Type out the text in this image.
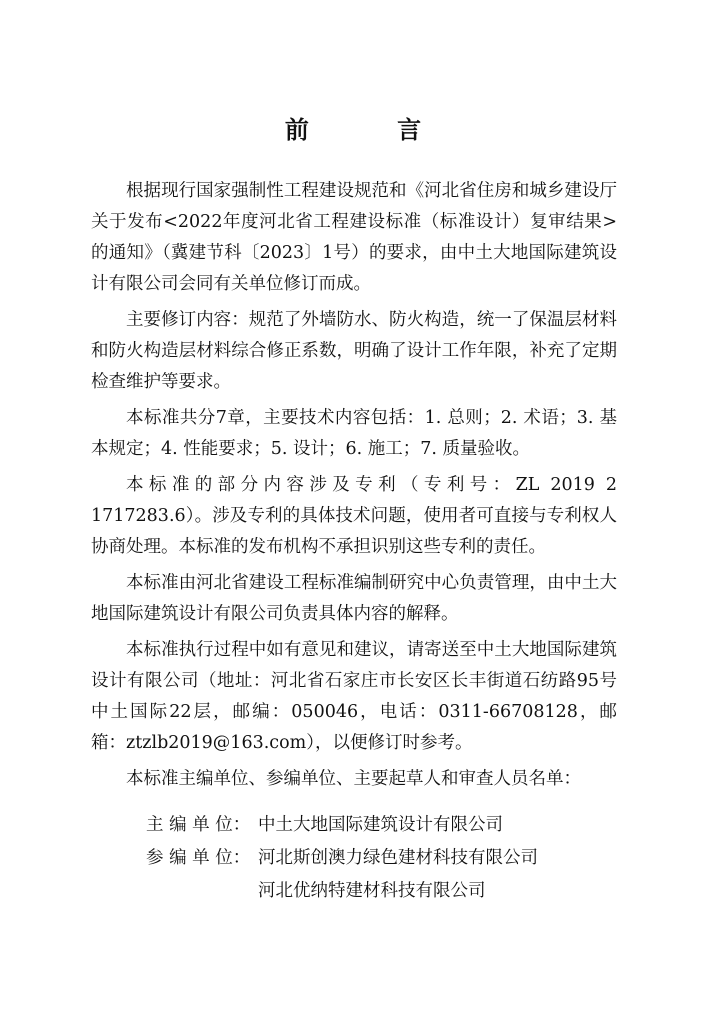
前 言

根据现行国家强制性工程建设规范和《河北省住房和城乡建设厅关于发布<2022年度河北省工程建设标准（标准设计）复审结果>的通知》（冀建节科〔2023〕1号）的要求，由中土大地国际建筑设计有限公司会同有关单位修订而成。

主要修订内容：规范了外墙防水、防火构造，统一了保温层材料和防火构造层材料综合修正系数，明确了设计工作年限，补充了定期检查维护等要求。

本标准共分7章，主要技术内容包括：1. 总则；2. 术语；3. 基本规定；4. 性能要求；5. 设计；6. 施工；7. 质量验收。

本标准的部分内容涉及专利（专利号：ZL 2019 2 1717283.6）。涉及专利的具体技术问题，使用者可直接与专利权人协商处理。本标准的发布机构不承担识别这些专利的责任。

本标准由河北省建设工程标准编制研究中心负责管理，由中土大地国际建筑设计有限公司负责具体内容的解释。

本标准执行过程中如有意见和建议，请寄送至中土大地国际建筑设计有限公司（地址：河北省石家庄市长安区长丰街道石纺路95号中土国际22层，邮编：050046，电话：0311-66708128，邮箱：ztzlb2019@163.com），以便修订时参考。

本标准主编单位、参编单位、主要起草人和审查人员名单：

主 编 单 位： 中土大地国际建筑设计有限公司
参 编 单 位： 河北斯创澳力绿色建材科技有限公司
河北优纳特建材科技有限公司
